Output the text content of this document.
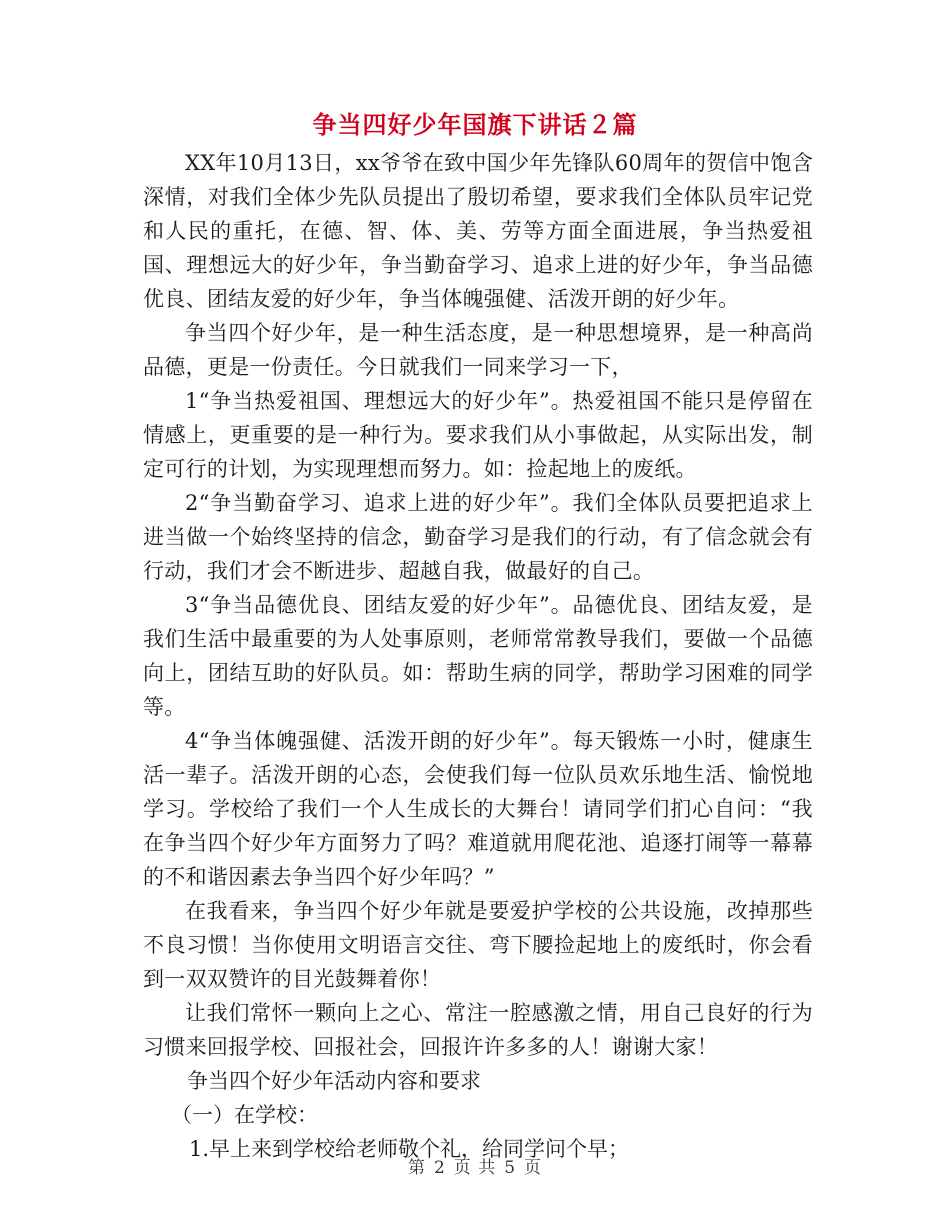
争当四好少年国旗下讲话２篇

XX年10月13日，xx爷爷在致中国少年先锋队60周年的贺信中饱含深情，对我们全体少先队员提出了殷切希望，要求我们全体队员牢记党和人民的重托，在德、智、体、美、劳等方面全面进展，争当热爱祖国、理想远大的好少年，争当勤奋学习、追求上进的好少年，争当品德优良、团结友爱的好少年，争当体魄强健、活泼开朗的好少年。

争当四个好少年，是一种生活态度，是一种思想境界，是一种高尚品德，更是一份责任。今日就我们一同来学习一下，

1“争当热爱祖国、理想远大的好少年”。热爱祖国不能只是停留在情感上，更重要的是一种行为。要求我们从小事做起，从实际出发，制定可行的计划，为实现理想而努力。如：捡起地上的废纸。

2“争当勤奋学习、追求上进的好少年”。我们全体队员要把追求上进当做一个始终坚持的信念，勤奋学习是我们的行动，有了信念就会有行动，我们才会不断进步、超越自我，做最好的自己。

3“争当品德优良、团结友爱的好少年”。品德优良、团结友爱，是我们生活中最重要的为人处事原则，老师常常教导我们，要做一个品德向上，团结互助的好队员。如：帮助生病的同学，帮助学习困难的同学等。

4“争当体魄强健、活泼开朗的好少年”。每天锻炼一小时，健康生活一辈子。活泼开朗的心态，会使我们每一位队员欢乐地生活、愉悦地学习。学校给了我们一个人生成长的大舞台！请同学们扪心自问：“我在争当四个好少年方面努力了吗？难道就用爬花池、追逐打闹等一幕幕的不和谐因素去争当四个好少年吗？”

在我看来，争当四个好少年就是要爱护学校的公共设施，改掉那些不良习惯！当你使用文明语言交往、弯下腰捡起地上的废纸时，你会看到一双双赞许的目光鼓舞着你！

让我们常怀一颗向上之心、常注一腔感激之情，用自己良好的行为习惯来回报学校、回报社会，回报许许多多的人！谢谢大家！

争当四个好少年活动内容和要求

（一）在学校：

1.早上来到学校给老师敬个礼，给同学问个早；

第 2 页 共 5 页
